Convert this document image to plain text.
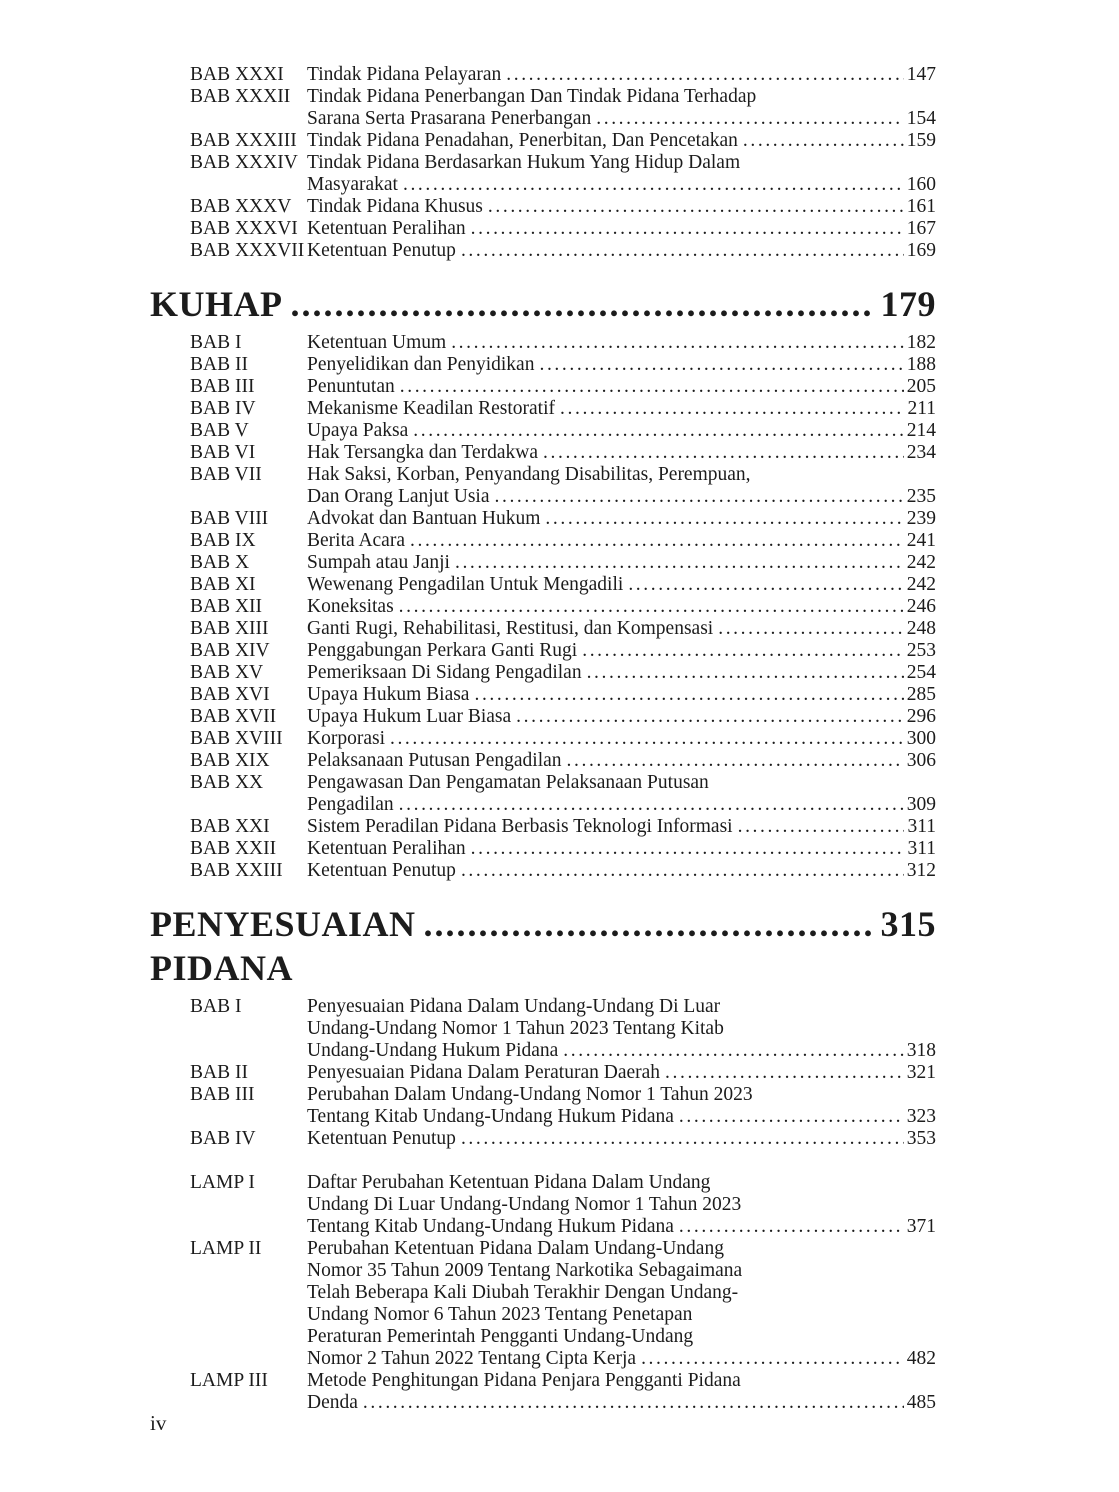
BAB XXXI	Tindak Pidana Pelayaran .....	147
BAB XXXII Tindak Pidana Penerbangan Dan Tindak Pidana Terhadap
Sarana Serta Prasarana Penerbangan .....	154
BAB XXXIII Tindak Pidana Penadahan, Penerbitan, Dan Pencetakan .....	159
BAB XXXIV Tindak Pidana Berdasarkan Hukum Yang Hidup Dalam
Masyarakat .....	160
BAB XXXV Tindak Pidana Khusus .....	161
BAB XXXVI Ketentuan Peralihan .....	167
BAB XXXVII Ketentuan Penutup .....	169
KUHAP .....	179
BAB I	Ketentuan Umum .....	182
BAB II	Penyelidikan dan Penyidikan .....	188
BAB III	Penuntutan .....	205
BAB IV	Mekanisme Keadilan Restoratif .....	211
BAB V	Upaya Paksa .....	214
BAB VI	Hak Tersangka dan Terdakwa .....	234
BAB VII	Hak Saksi, Korban, Penyandang Disabilitas, Perempuan,
Dan Orang Lanjut Usia .....	235
BAB VIII	Advokat dan Bantuan Hukum .....	239
BAB IX	Berita Acara .....	241
BAB X	Sumpah atau Janji .....	242
BAB XI	Wewenang Pengadilan Untuk Mengadili .....	242
BAB XII	Koneksitas .....	246
BAB XIII	Ganti Rugi, Rehabilitasi, Restitusi, dan Kompensasi .....	248
BAB XIV	Penggabungan Perkara Ganti Rugi .....	253
BAB XV	Pemeriksaan Di Sidang Pengadilan .....	254
BAB XVI	Upaya Hukum Biasa .....	285
BAB XVII	Upaya Hukum Luar Biasa .....	296
BAB XVIII	Korporasi .....	300
BAB XIX	Pelaksanaan Putusan Pengadilan .....	306
BAB XX	Pengawasan Dan Pengamatan Pelaksanaan Putusan
Pengadilan .....	309
BAB XXI	Sistem Peradilan Pidana Berbasis Teknologi Informasi .....	311
BAB XXII	Ketentuan Peralihan .....	311
BAB XXIII	Ketentuan Penutup .....	312
PENYESUAIAN PIDANA
.....
315
BAB I	Penyesuaian Pidana Dalam Undang-Undang Di Luar
Undang-Undang Nomor 1 Tahun 2023 Tentang Kitab
Undang-Undang Hukum Pidana .....	318
BAB II	Penyesuaian Pidana Dalam Peraturan Daerah .....	321
BAB III	Perubahan Dalam Undang-Undang Nomor 1 Tahun 2023
Tentang Kitab Undang-Undang Hukum Pidana .....	323
BAB IV	Ketentuan Penutup .....	353
LAMP I	Daftar Perubahan Ketentuan Pidana Dalam Undang
Undang Di Luar Undang-Undang Nomor 1 Tahun 2023
Tentang Kitab Undang-Undang Hukum Pidana .....	371
LAMP II	Perubahan Ketentuan Pidana Dalam Undang-Undang
Nomor 35 Tahun 2009 Tentang Narkotika Sebagaimana
Telah Beberapa Kali Diubah Terakhir Dengan Undang-
Undang Nomor 6 Tahun 2023 Tentang Penetapan
Peraturan Pemerintah Pengganti Undang-Undang
Nomor 2 Tahun 2022 Tentang Cipta Kerja .....	482
LAMP III	Metode Penghitungan Pidana Penjara Pengganti Pidana
Denda .....	485
iv
